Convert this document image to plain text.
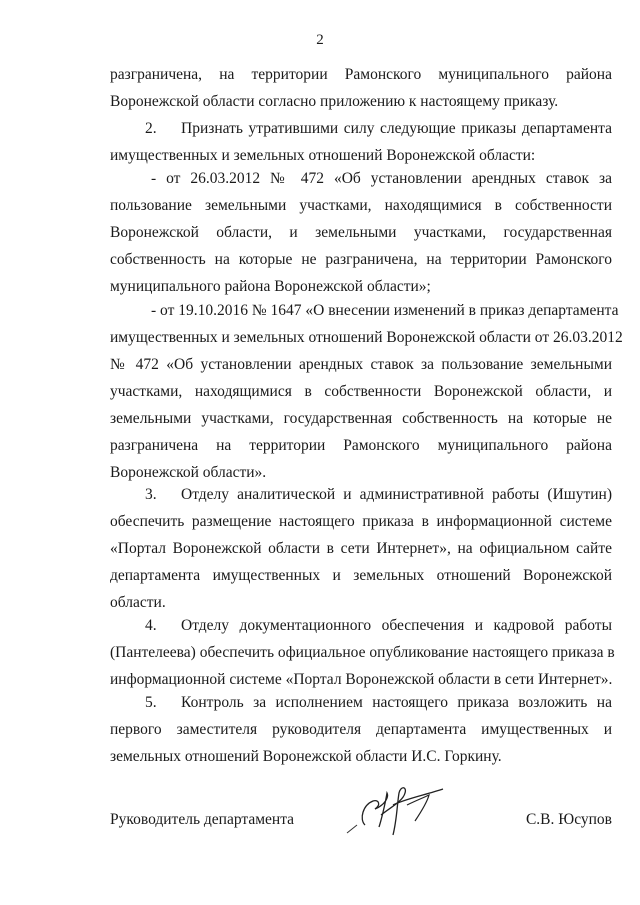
2
разграничена, на территории Рамонского муниципального района
Воронежской области согласно приложению к настоящему приказу.
2. Признать утратившими силу следующие приказы департамента
имущественных и земельных отношений Воронежской области:
- от 26.03.2012 № 472 «Об установлении арендных ставок за
пользование земельными участками, находящимися в собственности
Воронежской области, и земельными участками, государственная
собственность на которые не разграничена, на территории Рамонского
муниципального района Воронежской области»;
- от 19.10.2016 № 1647 «О внесении изменений в приказ департамента
имущественных и земельных отношений Воронежской области от 26.03.2012
№ 472 «Об установлении арендных ставок за пользование земельными
участками, находящимися в собственности Воронежской области, и
земельными участками, государственная собственность на которые не
разграничена на территории Рамонского муниципального района
Воронежской области».
3. Отделу аналитической и административной работы (Ишутин)
обеспечить размещение настоящего приказа в информационной системе
«Портал Воронежской области в сети Интернет», на официальном сайте
департамента имущественных и земельных отношений Воронежской
области.
4. Отделу документационного обеспечения и кадровой работы
(Пантелеева) обеспечить официальное опубликование настоящего приказа в
информационной системе «Портал Воронежской области в сети Интернет».
5. Контроль за исполнением настоящего приказа возложить на
первого заместителя руководителя департамента имущественных и
земельных отношений Воронежской области И.С. Горкину.
Руководитель департамента	С.В. Юсупов
